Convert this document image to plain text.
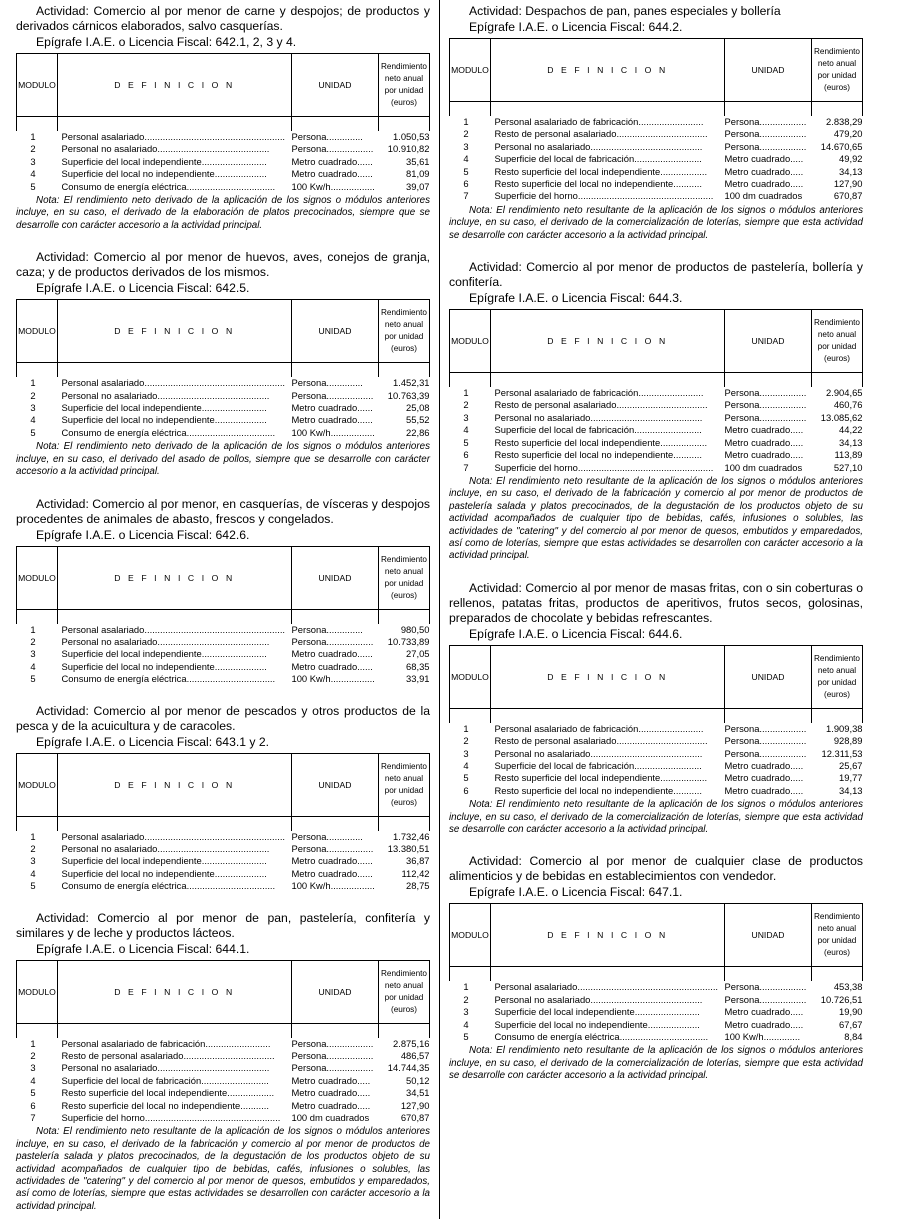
Actividad: Comercio al por menor de carne y despojos; de productos y derivados cárnicos elaborados, salvo casquerías.

Epígrafe I.A.E. o Licencia Fiscal: 642.1, 2, 3 y 4.
MODULO	D E F I N I C I O N	UNIDAD	Rendimiento neto anual por unidad (euros)

1	Personal asalariado......................................................	Persona..............	1.050,53
2	Personal no asalariado...........................................	Persona..................	10.910,82
3	Superficie del local independiente.........................	Metro cuadrado......	35,61
4	Superficie del local no independiente....................	Metro cuadrado......	81,09
5	Consumo de energía eléctrica..................................	100 Kw/h.................	39,07

Nota: El rendimiento neto derivado de la aplicación de los signos o módulos anteriores incluye, en su caso, el derivado de la elaboración de platos precocinados, siempre que se desarrolle con carácter accesorio a la actividad principal.

Actividad: Comercio al por menor de huevos, aves, conejos de granja, caza; y de productos derivados de los mismos.

Epígrafe I.A.E. o Licencia Fiscal: 642.5.
MODULO	D E F I N I C I O N	UNIDAD	Rendimiento neto anual por unidad (euros)

1	Personal asalariado......................................................	Persona..............	1.452,31
2	Personal no asalariado...........................................	Persona..................	10.763,39
3	Superficie del local independiente.........................	Metro cuadrado......	25,08
4	Superficie del local no independiente....................	Metro cuadrado......	55,52
5	Consumo de energía eléctrica..................................	100 Kw/h.................	22,86

Nota: El rendimiento neto derivado de la aplicación de los signos o módulos anteriores incluye, en su caso, el derivado del asado de pollos, siempre que se desarrolle con carácter accesorio a la actividad principal.

Actividad: Comercio al por menor, en casquerías, de vísceras y despojos procedentes de animales de abasto, frescos y congelados.

Epígrafe I.A.E. o Licencia Fiscal: 642.6.
MODULO	D E F I N I C I O N	UNIDAD	Rendimiento neto anual por unidad (euros)

1	Personal asalariado......................................................	Persona..............	980,50
2	Personal no asalariado...........................................	Persona..................	10.733,89
3	Superficie del local independiente.........................	Metro cuadrado......	27,05
4	Superficie del local no independiente....................	Metro cuadrado......	68,35
5	Consumo de energía eléctrica..................................	100 Kw/h.................	33,91

Actividad: Comercio al por menor de pescados y otros productos de la pesca y de la acuicultura y de caracoles.

Epígrafe I.A.E. o Licencia Fiscal: 643.1 y 2.
MODULO	D E F I N I C I O N	UNIDAD	Rendimiento neto anual por unidad (euros)

1	Personal asalariado......................................................	Persona..............	1.732,46
2	Personal no asalariado...........................................	Persona..................	13.380,51
3	Superficie del local independiente.........................	Metro cuadrado......	36,87
4	Superficie del local no independiente....................	Metro cuadrado......	112,42
5	Consumo de energía eléctrica..................................	100 Kw/h.................	28,75

Actividad: Comercio al por menor de pan, pastelería, confitería y similares y de leche y productos lácteos.

Epígrafe I.A.E. o Licencia Fiscal: 644.1.
MODULO	D E F I N I C I O N	UNIDAD	Rendimiento neto anual por unidad (euros)

1	Personal asalariado de fabricación.........................	Persona..................	2.875,16
2	Resto de personal asalariado...................................	Persona..................	486,57
3	Personal no asalariado...........................................	Persona..................	14.744,35
4	Superficie del local de fabricación..........................	Metro cuadrado.....	50,12
5	Resto superficie del local independiente..................	Metro cuadrado.....	34,51
6	Resto superficie del local no independiente...........	Metro cuadrado.....	127,90
7	Superficie del horno....................................................	100 dm cuadrados	670,87

Nota: El rendimiento neto resultante de la aplicación de los signos o módulos anteriores incluye, en su caso, el derivado de la fabricación y comercio al por menor de productos de pastelería salada y platos precocinados, de la degustación de los productos objeto de su actividad acompañados de cualquier tipo de bebidas, cafés, infusiones o solubles, las actividades de "catering" y del comercio al por menor de quesos, embutidos y emparedados, así como de loterías, siempre que estas actividades se desarrollen con carácter accesorio a la actividad principal.

Actividad: Despachos de pan, panes especiales y bollería

Epígrafe I.A.E. o Licencia Fiscal: 644.2.
MODULO	D E F I N I C I O N	UNIDAD	Rendimiento neto anual por unidad (euros)

1	Personal asalariado de fabricación.........................	Persona..................	2.838,29
2	Resto de personal asalariado...................................	Persona..................	479,20
3	Personal no asalariado...........................................	Persona..................	14.670,65
4	Superficie del local de fabricación..........................	Metro cuadrado.....	49,92
5	Resto superficie del local independiente..................	Metro cuadrado.....	34,13
6	Resto superficie del local no independiente...........	Metro cuadrado.....	127,90
7	Superficie del horno....................................................	100 dm cuadrados	670,87

Nota: El rendimiento neto resultante de la aplicación de los signos o módulos anteriores incluye, en su caso, el derivado de la comercialización de loterías, siempre que esta actividad se desarrolle con carácter accesorio a la actividad principal.

Actividad: Comercio al por menor de productos de pastelería, bollería y confitería.

Epígrafe I.A.E. o Licencia Fiscal: 644.3.
MODULO	D E F I N I C I O N	UNIDAD	Rendimiento neto anual por unidad (euros)

1	Personal asalariado de fabricación.........................	Persona..................	2.904,65
2	Resto de personal asalariado...................................	Persona..................	460,76
3	Personal no asalariado...........................................	Persona..................	13.085,62
4	Superficie del local de fabricación..........................	Metro cuadrado.....	44,22
5	Resto superficie del local independiente..................	Metro cuadrado.....	34,13
6	Resto superficie del local no independiente...........	Metro cuadrado.....	113,89
7	Superficie del horno....................................................	100 dm cuadrados	527,10

Nota: El rendimiento neto resultante de la aplicación de los signos o módulos anteriores incluye, en su caso, el derivado de la fabricación y comercio al por menor de productos de pastelería salada y platos precocinados, de la degustación de los productos objeto de su actividad acompañados de cualquier tipo de bebidas, cafés, infusiones o solubles, las actividades de "catering" y del comercio al por menor de quesos, embutidos y emparedados, así como de loterías, siempre que estas actividades se desarrollen con carácter accesorio a la actividad principal.

Actividad: Comercio al por menor de masas fritas, con o sin coberturas o rellenos, patatas fritas, productos de aperitivos, frutos secos, golosinas, preparados de chocolate y bebidas refrescantes.

Epígrafe I.A.E. o Licencia Fiscal: 644.6.
MODULO	D E F I N I C I O N	UNIDAD	Rendimiento neto anual por unidad (euros)

1	Personal asalariado de fabricación.........................	Persona..................	1.909,38
2	Resto de personal asalariado...................................	Persona..................	928,89
3	Personal no asalariado...........................................	Persona..................	12.311,53
4	Superficie del local de fabricación..........................	Metro cuadrado.....	25,67
5	Resto superficie del local independiente..................	Metro cuadrado.....	19,77
6	Resto superficie del local no independiente...........	Metro cuadrado.....	34,13

Nota: El rendimiento neto resultante de la aplicación de los signos o módulos anteriores incluye, en su caso, el derivado de la comercialización de loterías, siempre que esta actividad se desarrolle con carácter accesorio a la actividad principal.

Actividad: Comercio al por menor de cualquier clase de productos alimenticios y de bebidas en establecimientos con vendedor.

Epígrafe I.A.E. o Licencia Fiscal: 647.1.
MODULO	D E F I N I C I O N	UNIDAD	Rendimiento neto anual por unidad (euros)

1	Personal asalariado......................................................	Persona..................	453,38
2	Personal no asalariado...........................................	Persona..................	10.726,51
3	Superficie del local independiente.........................	Metro cuadrado.....	19,90
4	Superficie del local no independiente....................	Metro cuadrado.....	67,67
5	Consumo de energía eléctrica..................................	100 Kw/h..............	8,84

Nota: El rendimiento neto resultante de la aplicación de los signos o módulos anteriores incluye, en su caso, el derivado de la comercialización de loterías, siempre que esta actividad se desarrolle con carácter accesorio a la actividad principal.
